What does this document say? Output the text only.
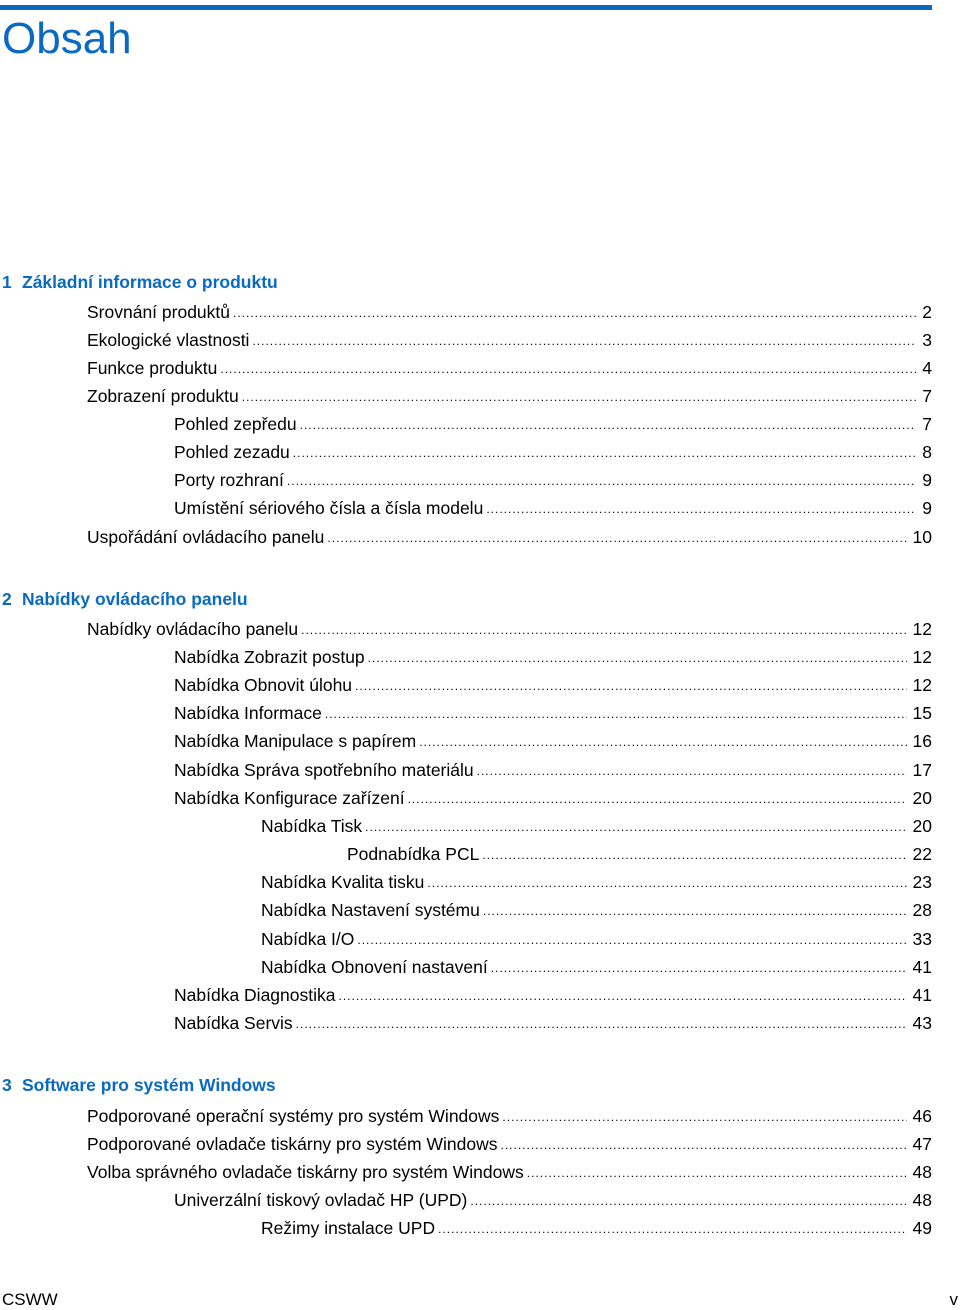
Obsah
1 Základní informace o produktu
Srovnání produktů .....	2
Ekologické vlastnosti .....	3
Funkce produktu .....	4
Zobrazení produktu .....	7
Pohled zepředu .....	7
Pohled zezadu .....	8
Porty rozhraní .....	9
Umístění sériového čísla a čísla modelu .....	9
Uspořádání ovládacího panelu .....	10
2 Nabídky ovládacího panelu
Nabídky ovládacího panelu .....	12
Nabídka Zobrazit postup .....	12
Nabídka Obnovit úlohu .....	12
Nabídka Informace .....	15
Nabídka Manipulace s papírem .....	16
Nabídka Správa spotřebního materiálu .....	17
Nabídka Konfigurace zařízení .....	20
Nabídka Tisk .....	20
Podnabídka PCL .....	22
Nabídka Kvalita tisku .....	23
Nabídka Nastavení systému .....	28
Nabídka I/O .....	33
Nabídka Obnovení nastavení .....	41
Nabídka Diagnostika .....	41
Nabídka Servis .....	43
3 Software pro systém Windows
Podporované operační systémy pro systém Windows .....	46
Podporované ovladače tiskárny pro systém Windows .....	47
Volba správného ovladače tiskárny pro systém Windows .....	48
Univerzální tiskový ovladač HP (UPD) .....	48
Režimy instalace UPD .....	49
CSWW	v
